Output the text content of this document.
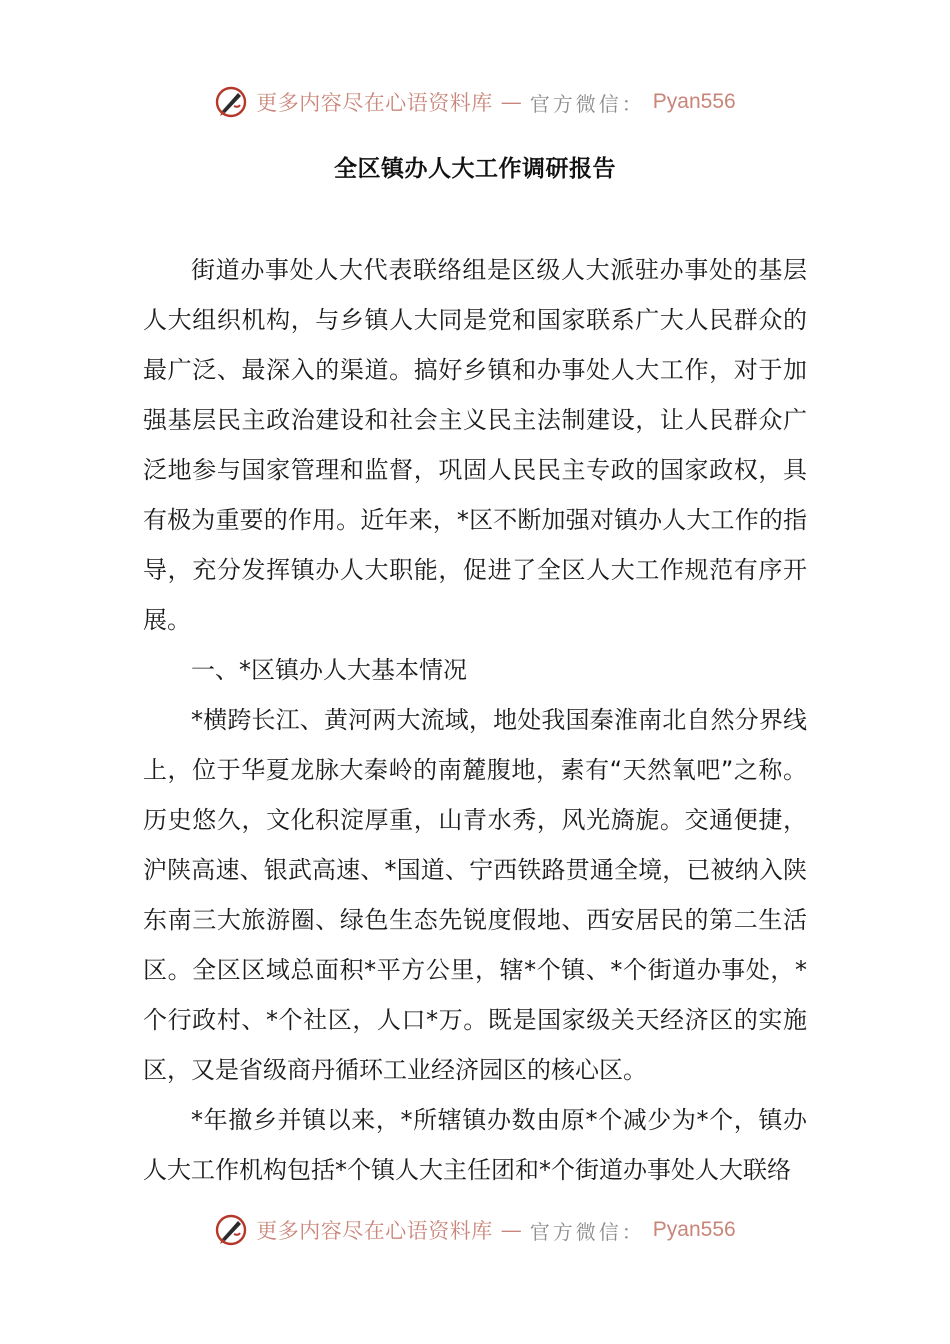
更多内容尽在心语资料库 — 官方微信： Pyan556
全区镇办人大工作调研报告

街道办事处人大代表联络组是区级人大派驻办事处的基层人大组织机构，与乡镇人大同是党和国家联系广大人民群众的最广泛、最深入的渠道。搞好乡镇和办事处人大工作，对于加强基层民主政治建设和社会主义民主法制建设，让人民群众广泛地参与国家管理和监督，巩固人民民主专政的国家政权，具有极为重要的作用。近年来，*区不断加强对镇办人大工作的指导，充分发挥镇办人大职能，促进了全区人大工作规范有序开展。

一、*区镇办人大基本情况

*横跨长江、黄河两大流域，地处我国秦淮南北自然分界线上，位于华夏龙脉大秦岭的南麓腹地，素有“天然氧吧”之称。历史悠久，文化积淀厚重，山青水秀，风光旖旎。交通便捷，沪陕高速、银武高速、*国道、宁西铁路贯通全境，已被纳入陕东南三大旅游圈、绿色生态先锐度假地、西安居民的第二生活区。全区区域总面积*平方公里，辖*个镇、*个街道办事处，*个行政村、*个社区，人口*万。既是国家级关天经济区的实施区，又是省级商丹循环工业经济园区的核心区。

*年撤乡并镇以来，*所辖镇办数由原*个减少为*个，镇办人大工作机构包括*个镇人大主任团和*个街道办事处人大联络

更多内容尽在心语资料库 — 官方微信： Pyan556
